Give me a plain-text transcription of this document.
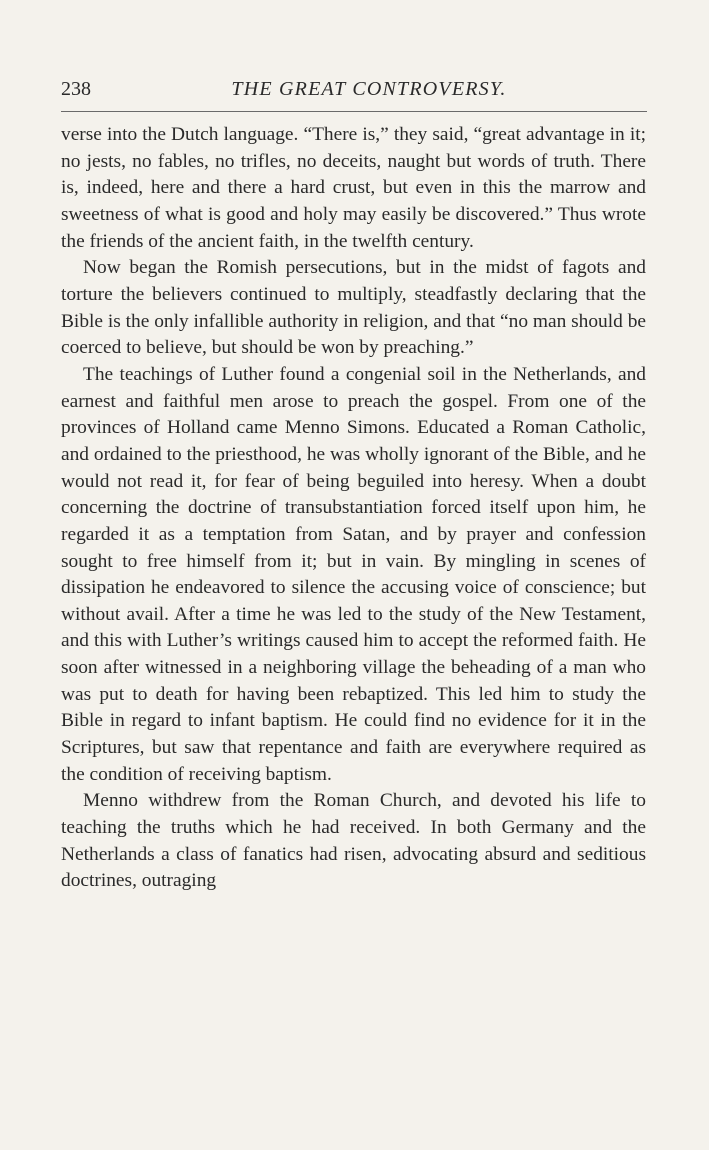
238	THE GREAT CONTROVERSY.

verse into the Dutch language. “There is,” they said, “great advantage in it; no jests, no fables, no trifles, no deceits, naught but words of truth. There is, indeed, here and there a hard crust, but even in this the marrow and sweetness of what is good and holy may easily be discovered.” Thus wrote the friends of the ancient faith, in the twelfth century.

Now began the Romish persecutions, but in the midst of fagots and torture the believers continued to multiply, steadfastly declaring that the Bible is the only infallible authority in religion, and that “no man should be coerced to believe, but should be won by preaching.”

The teachings of Luther found a congenial soil in the Netherlands, and earnest and faithful men arose to preach the gospel. From one of the provinces of Holland came Menno Simons. Educated a Roman Catholic, and ordained to the priesthood, he was wholly ignorant of the Bible, and he would not read it, for fear of being beguiled into heresy. When a doubt concerning the doctrine of transubstantiation forced itself upon him, he regarded it as a temptation from Satan, and by prayer and confession sought to free himself from it; but in vain. By mingling in scenes of dissipation he endeavored to silence the accusing voice of conscience; but without avail. After a time he was led to the study of the New Testament, and this with Luther’s writings caused him to accept the reformed faith. He soon after witnessed in a neighboring village the beheading of a man who was put to death for having been rebaptized. This led him to study the Bible in regard to infant baptism. He could find no evidence for it in the Scriptures, but saw that repentance and faith are everywhere required as the condition of receiving baptism.

Menno withdrew from the Roman Church, and devoted his life to teaching the truths which he had received. In both Germany and the Netherlands a class of fanatics had risen, advocating absurd and seditious doctrines, outraging
